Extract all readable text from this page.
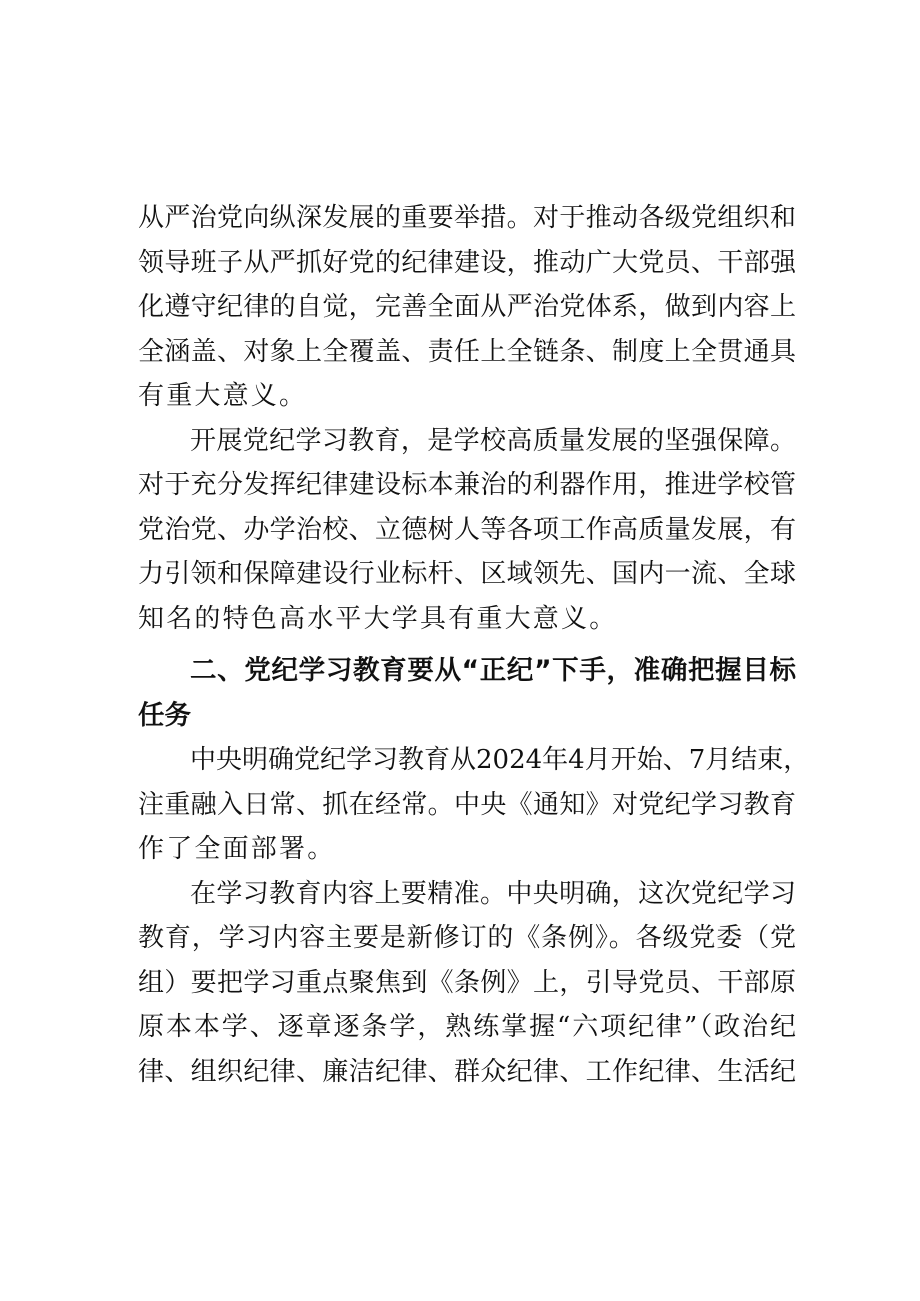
从严治党向纵深发展的重要举措。对于推动各级党组织和
领导班子从严抓好党的纪律建设，推动广大党员、干部强
化遵守纪律的自觉，完善全面从严治党体系，做到内容上
全涵盖、对象上全覆盖、责任上全链条、制度上全贯通具
有重大意义。
开展党纪学习教育，是学校高质量发展的坚强保障。
对于充分发挥纪律建设标本兼治的利器作用，推进学校管
党治党、办学治校、立德树人等各项工作高质量发展，有
力引领和保障建设行业标杆、区域领先、国内一流、全球
知名的特色高水平大学具有重大意义。
二、党纪学习教育要从“正纪”下手，准确把握目标
任务
中央明确党纪学习教育从2024年4月开始、7月结束，
注重融入日常、抓在经常。中央《通知》对党纪学习教育
作了全面部署。
在学习教育内容上要精准。中央明确，这次党纪学习
教育，学习内容主要是新修订的《条例》。各级党委（党
组）要把学习重点聚焦到《条例》上，引导党员、干部原
原本本学、逐章逐条学，熟练掌握“六项纪律”（政治纪
律、组织纪律、廉洁纪律、群众纪律、工作纪律、生活纪
